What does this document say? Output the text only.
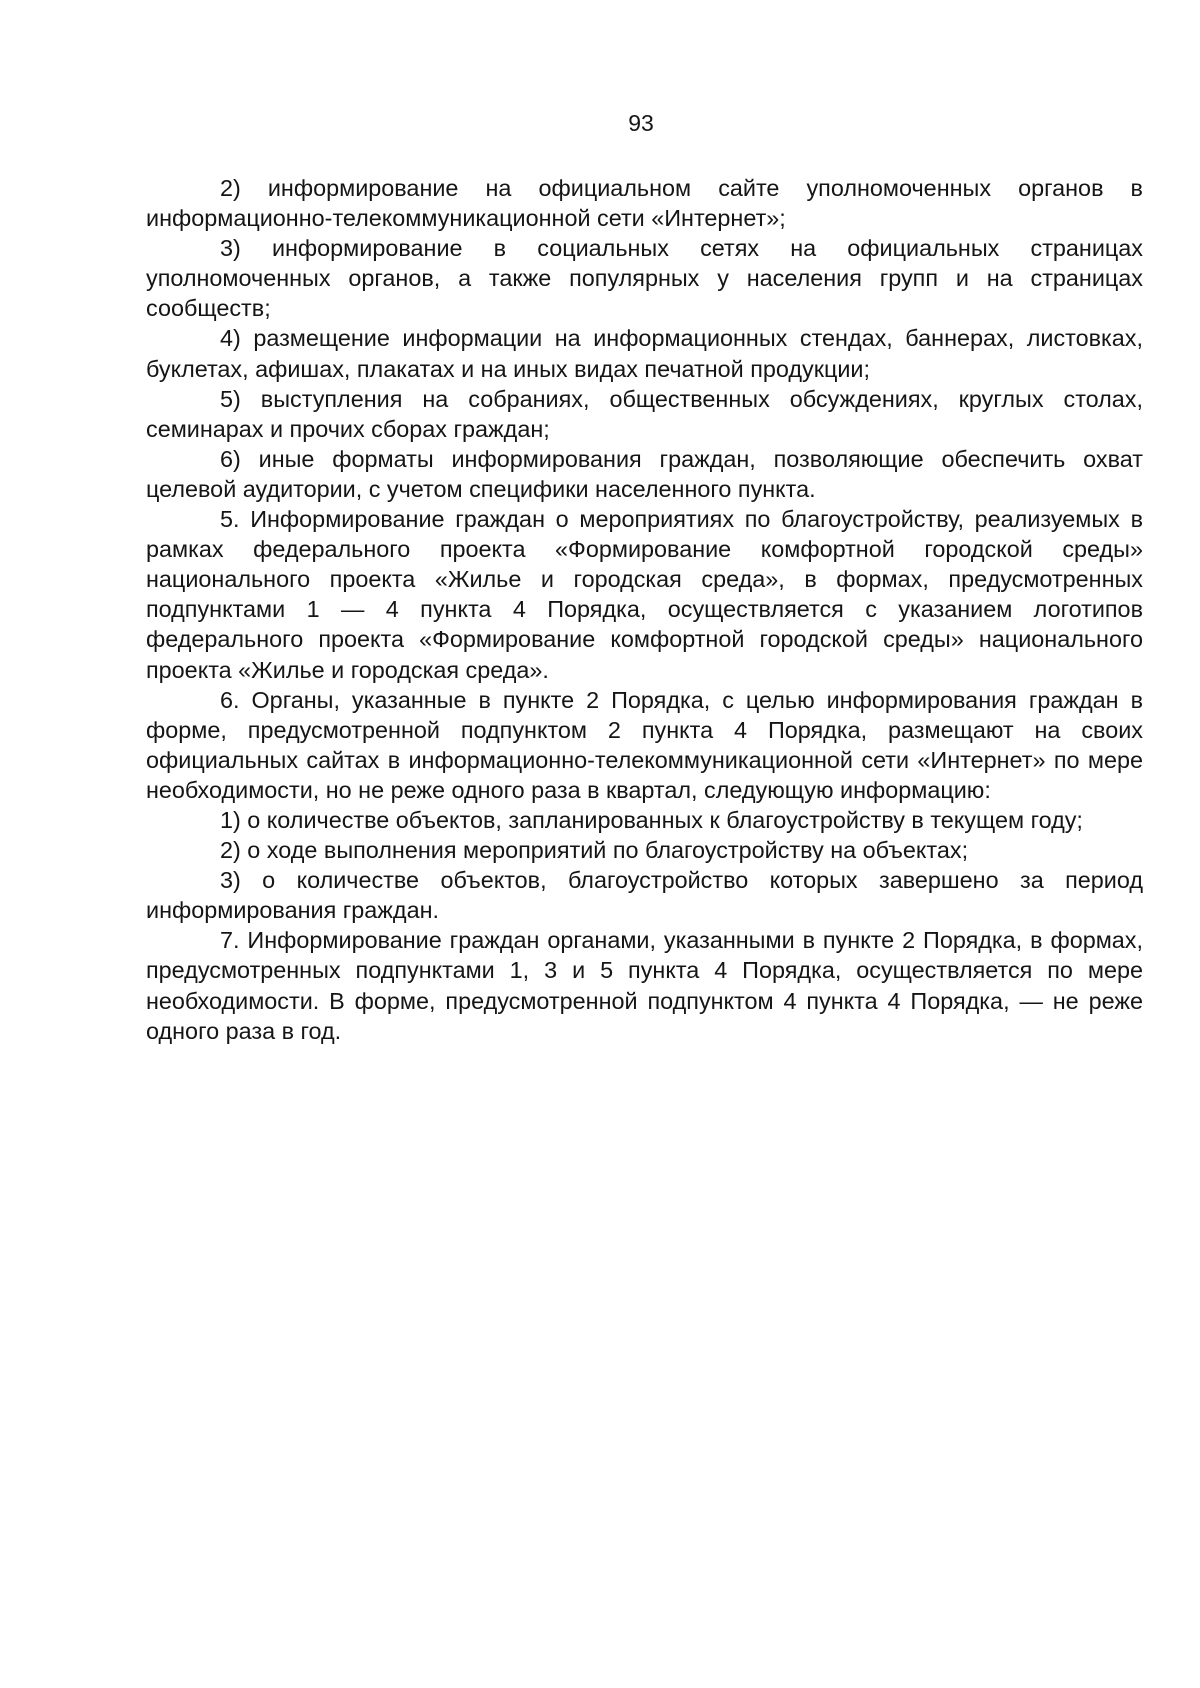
93

2) информирование на официальном сайте уполномоченных органов в информационно-телекоммуникационной сети «Интернет»;

3) информирование в социальных сетях на официальных страницах уполномоченных органов, а также популярных у населения групп и на страницах сообществ;

4) размещение информации на информационных стендах, баннерах, листовках, буклетах, афишах, плакатах и на иных видах печатной продукции;

5) выступления на собраниях, общественных обсуждениях, круглых столах, семинарах и прочих сборах граждан;

6) иные форматы информирования граждан, позволяющие обеспечить охват целевой аудитории, с учетом специфики населенного пункта.

5. Информирование граждан о мероприятиях по благоустройству, реализуемых в рамках федерального проекта «Формирование комфортной городской среды» национального проекта «Жилье и городская среда», в формах, предусмотренных подпунктами 1 — 4 пункта 4 Порядка, осуществляется с указанием логотипов федерального проекта «Формирование комфортной городской среды» национального проекта «Жилье и городская среда».

6. Органы, указанные в пункте 2 Порядка, с целью информирования граждан в форме, предусмотренной подпунктом 2 пункта 4 Порядка, размещают на своих официальных сайтах в информационно-телекоммуникационной сети «Интернет» по мере необходимости, но не реже одного раза в квартал, следующую информацию:

1) о количестве объектов, запланированных к благоустройству в текущем году;

2) о ходе выполнения мероприятий по благоустройству на объектах;

3) о количестве объектов, благоустройство которых завершено за период информирования граждан.

7. Информирование граждан органами, указанными в пункте 2 Порядка, в формах, предусмотренных подпунктами 1, 3 и 5 пункта 4 Порядка, осуществляется по мере необходимости. В форме, предусмотренной подпунктом 4 пункта 4 Порядка, — не реже одного раза в год.
